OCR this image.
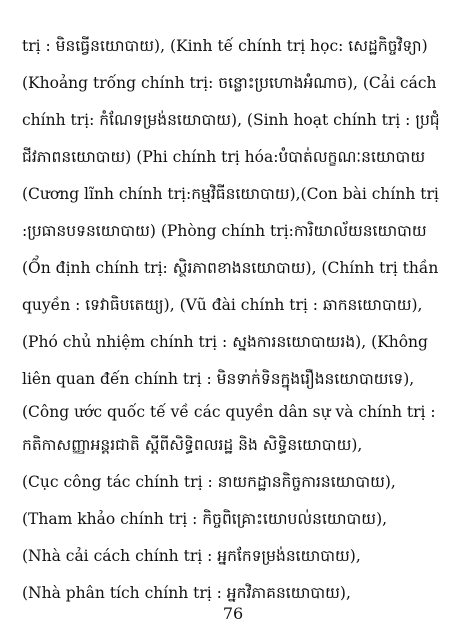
trị : មិនធ្វើនយោបាយ), (Kinh tế chính trị học: សេដ្ឋកិច្ចវិទ្យា)
(Khoảng trống chính trị: ចន្លោះប្រហោងអំណាច), (Cải cách
chính trị: កំណែទម្រង់នយោបាយ), (Sinh hoạt chính trị : ប្រជុំ
ជីវភាពនយោបាយ) (Phi chính trị hóa:បំបាត់លក្ខណៈនយោបាយ
(Cương lĩnh chính trị:កម្មវិធីនយោបាយ),(Con bài chính trị
:ប្រធានបទនយោបាយ) (Phòng chính trị:ការិយាល័យនយោបាយ
(Ổn định chính trị: ស្ថិរភាពខាងនយោបាយ), (Chính trị thần
quyền : ទេវាធិបតេយ្យ), (Vũ đài chính trị : ឆាកនយោបាយ),
(Phó chủ nhiệm chính trị : ស្នងការនយោបាយរង), (Không
liên quan đến chính trị : មិនទាក់ទិនក្នុងរឿងនយោបាយទេ),
(Công ước quốc tế về các quyền dân sự và chính trị :
កតិកាសញ្ញាអន្តរជាតិ ស្តីពីសិទ្ធិពលរដ្ឋ និង សិទ្ធិនយោបាយ),
(Cục công tác chính trị : នាយកដ្ឋានកិច្ចការនយោបាយ),
(Tham khảo chính trị : កិច្ចពិគ្រោះយោបល់នយោបាយ),
(Nhà cải cách chính trị : អ្នកកែទម្រង់នយោបាយ),
(Nhà phân tích chính trị : អ្នកវិភាគនយោបាយ),
76
